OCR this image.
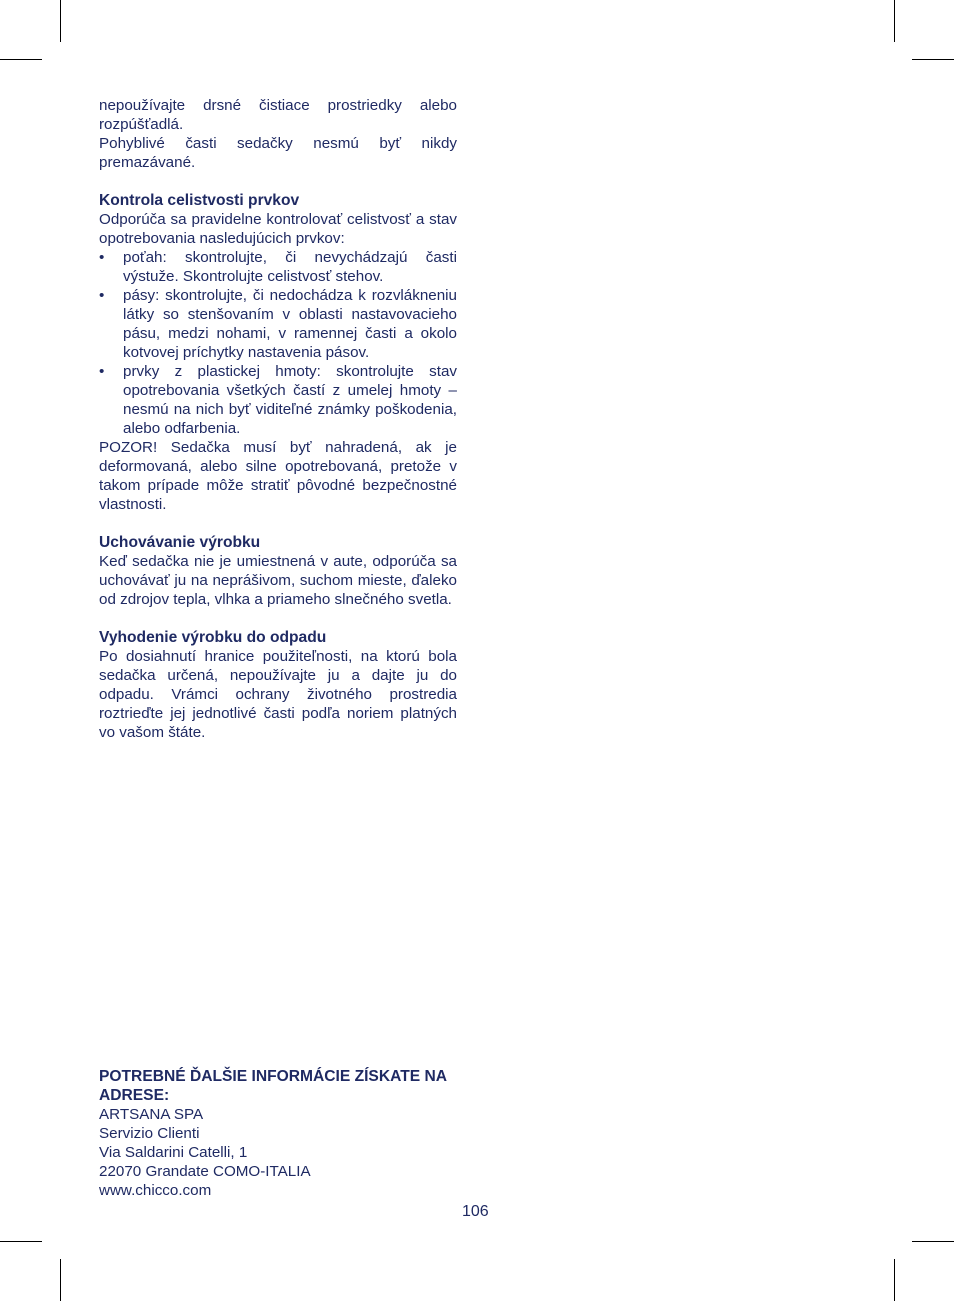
nepoužívajte drsné čistiace prostriedky alebo rozpúšťadlá.

Pohyblivé časti sedačky nesmú byť nikdy premazávané.

Kontrola celistvosti prvkov

Odporúča sa pravidelne kontrolovať celistvosť a stav opotrebovania nasledujúcich prvkov:

• poťah: skontrolujte, či nevychádzajú časti výstuže. Skontrolujte celistvosť stehov.
• pásy: skontrolujte, či nedochádza k rozvlákneniu látky so stenšovaním v oblasti nastavovacieho pásu, medzi nohami, v ramennej časti a okolo kotvovej príchytky nastavenia pásov.
• prvky z plastickej hmoty: skontrolujte stav opotrebovania všetkých častí z umelej hmoty – nesmú na nich byť viditeľné známky poškodenia, alebo odfarbenia.

POZOR! Sedačka musí byť nahradená, ak je deformovaná, alebo silne opotrebovaná, pretože v takom prípade môže stratiť pôvodné bezpečnostné vlastnosti.

Uchovávanie výrobku

Keď sedačka nie je umiestnená v aute, odporúča sa uchovávať ju na neprášivom, suchom mieste, ďaleko od zdrojov tepla, vlhka a priameho slnečného svetla.

Vyhodenie výrobku do odpadu

Po dosiahnutí hranice použiteľnosti, na ktorú bola sedačka určená, nepoužívajte ju a dajte ju do odpadu. Vrámci ochrany životného prostredia roztrieďte jej jednotlivé časti podľa noriem platných vo vašom štáte.

POTREBNÉ ĎALŠIE INFORMÁCIE ZÍSKATE NA ADRESE:
ARTSANA SPA
Servizio Clienti
Via Saldarini Catelli, 1
22070 Grandate COMO-ITALIA
www.chicco.com
106
